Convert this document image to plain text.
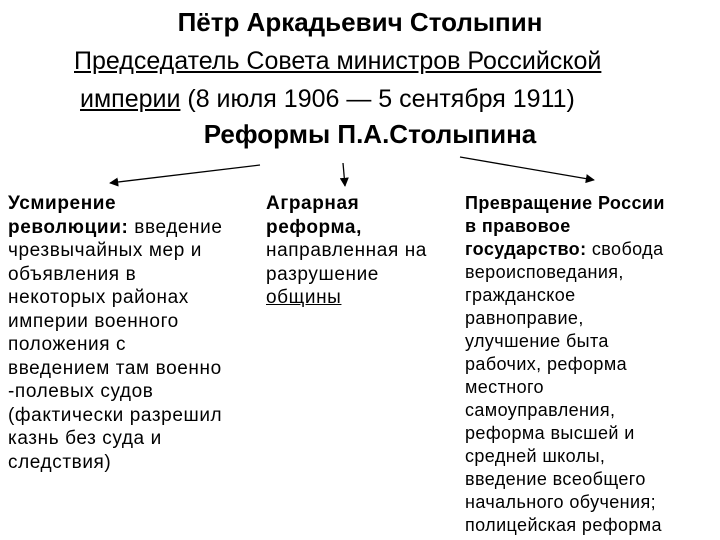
Пётр Аркадьевич Столыпин
Председатель Совета министров Российской
империи (8 июля 1906 — 5 сентября 1911)
Реформы П.А.Столыпина
Усмирение
революции: введение
чрезвычайных мер и
объявления в
некоторых районах
империи военного
положения с
введением там военно
-полевых судов
(фактически разрешил
казнь без суда и
следствия)
Аграрная
реформа,
направленная на
разрушение
общины
Превращение России
в правовое
государство: свобода
вероисповедания,
гражданское
равноправие,
улучшение быта
рабочих, реформа
местного
самоуправления,
реформа высшей и
средней школы,
введение всеобщего
начального обучения;
полицейская реформа
